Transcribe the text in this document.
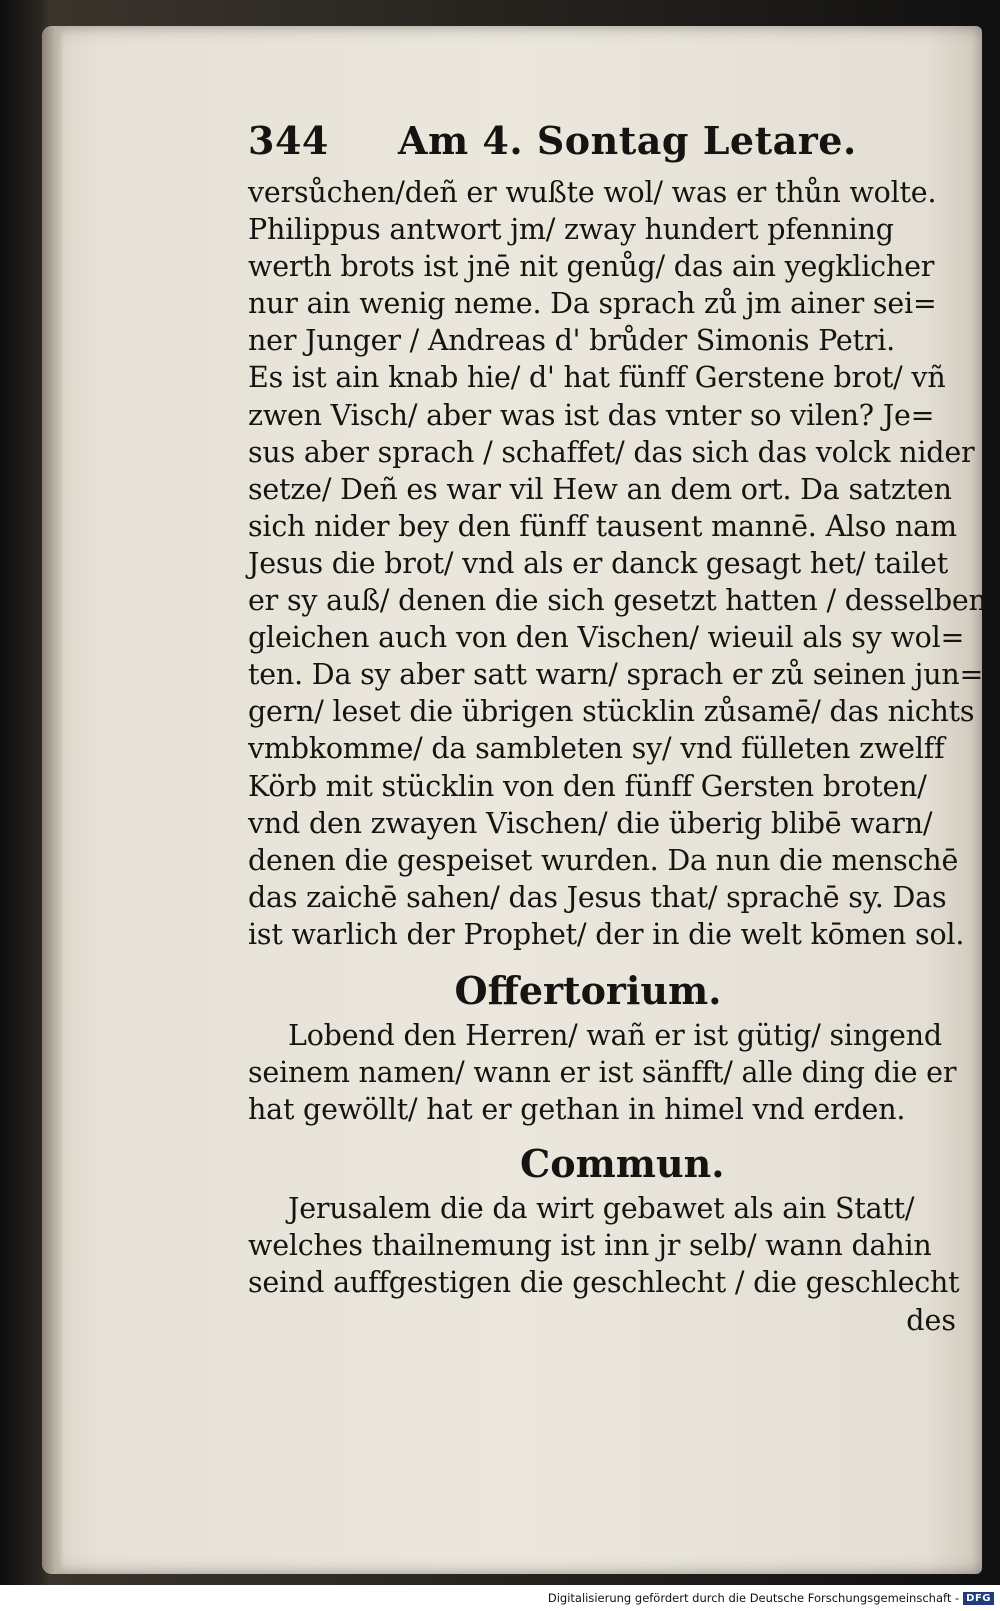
344	Am 4. Sontag Letare.
versůchen/deñ er wußte wol/ was er thůn wolte.
Philippus antwort jm/ zway hundert pfenning
werth brots ist jnē nit genůg/ das ain yegklicher
nur ain wenig neme. Da sprach zů jm ainer sei=
ner Junger / Andreas d' brůder Simonis Petri.
Es ist ain knab hie/ d' hat fünff Gerstene brot/ vñ
zwen Visch/ aber was ist das vnter so vilen? Je=
sus aber sprach / schaffet/ das sich das volck nider
setze/ Deñ es war vil Hew an dem ort. Da satzten
sich nider bey den fünff tausent mannē. Also nam
Jesus die brot/ vnd als er danck gesagt het/ tailet
er sy auß/ denen die sich gesetzt hatten / desselben
gleichen auch von den Vischen/ wieuil als sy wol=
ten. Da sy aber satt warn/ sprach er zů seinen jun=
gern/ leset die übrigen stücklin zůsamē/ das nichts
vmbkomme/ da sambleten sy/ vnd fülleten zwelff
Körb mit stücklin von den fünff Gersten broten/
vnd den zwayen Vischen/ die überig blibē warn/
denen die gespeiset wurden. Da nun die menschē
das zaichē sahen/ das Jesus that/ sprachē sy. Das
ist warlich der Prophet/ der in die welt kōmen sol.
Offertorium.
Lobend den Herren/ wañ er ist gütig/ singend
seinem namen/ wann er ist sänfft/ alle ding die er
hat gewöllt/ hat er gethan in himel vnd erden.
Commun.
Jerusalem die da wirt gebawet als ain Statt/
welches thailnemung ist inn jr selb/ wann dahin
seind auffgestigen die geschlecht / die geschlecht
des
Digitalisierung gefördert durch die Deutsche Forschungsgemeinschaft - DFG
